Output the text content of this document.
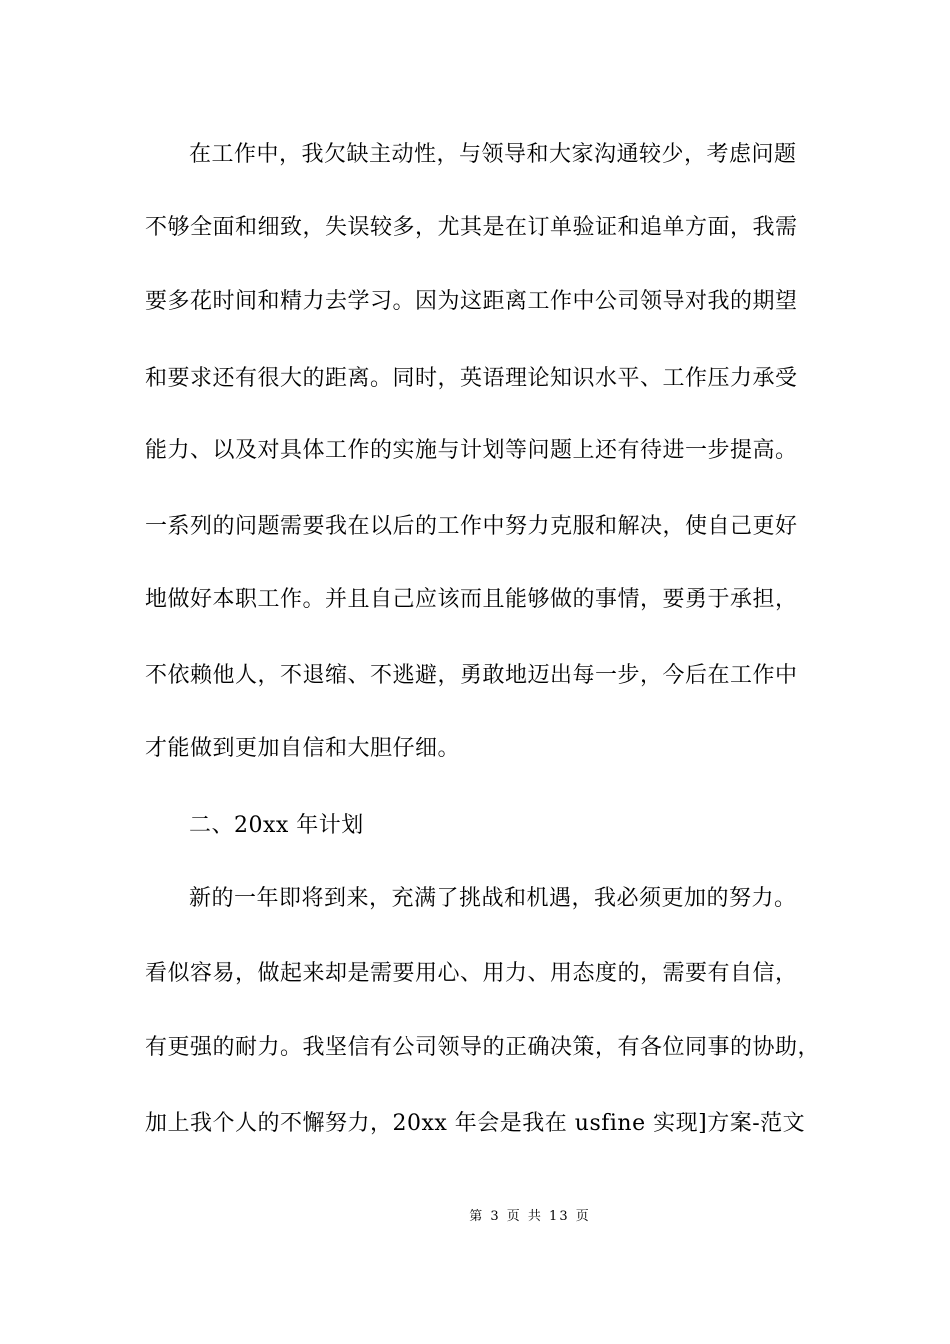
在工作中，我欠缺主动性，与领导和大家沟通较少，考虑问题
不够全面和细致，失误较多，尤其是在订单验证和追单方面，我需
要多花时间和精力去学习。因为这距离工作中公司领导对我的期望
和要求还有很大的距离。同时，英语理论知识水平、工作压力承受
能力、以及对具体工作的实施与计划等问题上还有待进一步提高。
一系列的问题需要我在以后的工作中努力克服和解决，使自己更好
地做好本职工作。并且自己应该而且能够做的事情，要勇于承担，
不依赖他人，不退缩、不逃避，勇敢地迈出每一步，今后在工作中
才能做到更加自信和大胆仔细。
二、20xx 年计划
新的一年即将到来，充满了挑战和机遇，我必须更加的努力。
看似容易，做起来却是需要用心、用力、用态度的，需要有自信，
有更强的耐力。我坚信有公司领导的正确决策，有各位同事的协助，
加上我个人的不懈努力，20xx 年会是我在 usfine 实现]方案-范文
第 3 页 共 13 页
